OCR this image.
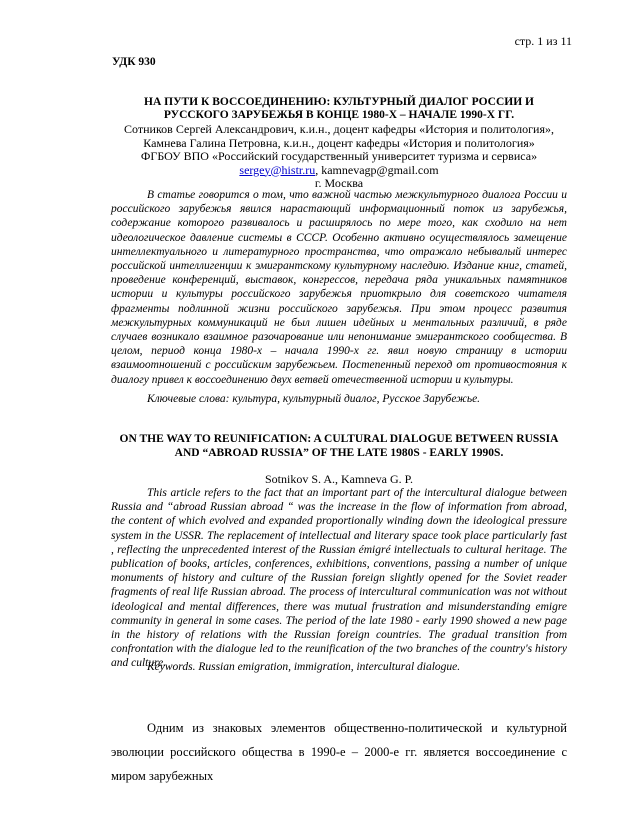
стр. 1 из 11
УДК 930
НА ПУТИ К ВОССОЕДИНЕНИЮ: КУЛЬТУРНЫЙ ДИАЛОГ РОССИИ И
РУССКОГО ЗАРУБЕЖЬЯ В КОНЦЕ 1980-Х – НАЧАЛЕ 1990-Х ГГ.
Сотников Сергей Александрович, к.и.н., доцент кафедры «История и политология»,
Камнева Галина Петровна, к.и.н., доцент кафедры «История и политология»
ФГБОУ ВПО «Российский государственный университет туризма и сервиса»
sergey@histr.ru, kamnevagp@gmail.com
г. Москва
В статье говорится о том, что важной частью межкультурного диалога России и российского зарубежья явился нарастающий информационный поток из зарубежья, содержание которого развивалось и расширялось по мере того, как сходило на нет идеологическое давление системы в СССР. Особенно активно осуществлялось замещение интеллектуального и литературного пространства, что отражало небывалый интерес российской интеллигенции к эмигрантскому культурному наследию. Издание книг, статей, проведение конференций, выставок, конгрессов, передача ряда уникальных памятников истории и культуры российского зарубежья приоткрыло для советского читателя фрагменты подлинной жизни российского зарубежья. При этом процесс развития межкультурных коммуникаций не был лишен идейных и ментальных различий, в ряде случаев возникало взаимное разочарование или непонимание эмигрантского сообщества. В целом, период конца 1980-х – начала 1990-х гг. явил новую страницу в истории взаимоотношений с российским зарубежьем. Постепенный переход от противостояния к диалогу привел к воссоединению двух ветвей отечественной истории и культуры.
Ключевые слова: культура, культурный диалог, Русское Зарубежье.
ON THE WAY TO REUNIFICATION: A CULTURAL DIALOGUE BETWEEN RUSSIA
AND “ABROAD RUSSIA” OF THE LATE 1980S - EARLY 1990S.
Sotnikov S. A., Kamneva G. P.
This article refers to the fact that an important part of the intercultural dialogue between Russia and “abroad Russian abroad “ was the increase in the flow of information from abroad, the content of which evolved and expanded proportionally winding down the ideological pressure system in the USSR. The replacement of intellectual and literary space took place particularly fast , reflecting the unprecedented interest of the Russian émigré intellectuals to cultural heritage. The publication of books, articles, conferences, exhibitions, conventions, passing a number of unique monuments of history and culture of the Russian foreign slightly opened for the Soviet reader fragments of real life Russian abroad. The process of intercultural communication was not without ideological and mental differences, there was mutual frustration and misunderstanding emigre community in general in some cases. The period of the late 1980 - early 1990 showed a new page in the history of relations with the Russian foreign countries. The gradual transition from confrontation with the dialogue led to the reunification of the two branches of the country's history and culture.
Keywords. Russian emigration, immigration, intercultural dialogue.
Одним из знаковых элементов общественно-политической и культурной эволюции российского общества в 1990-е – 2000-е гг. является воссоединение с миром зарубежных
